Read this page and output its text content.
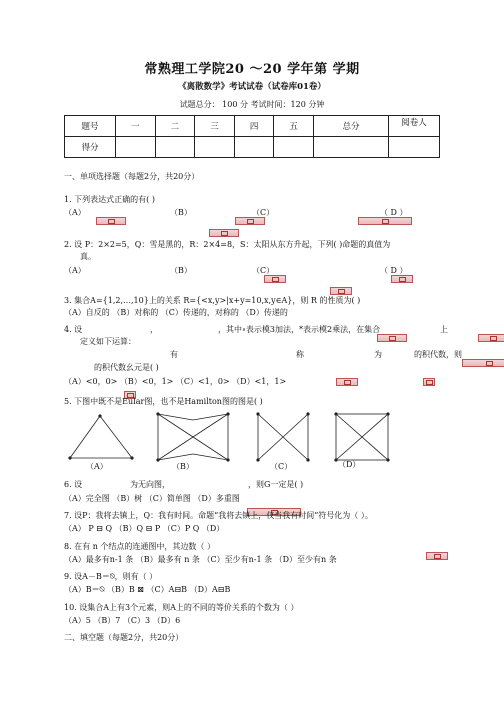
常熟理工学院20 ～20 学年第 学期
《离散数学》考试试卷（试卷库01卷）
试题总分： 100 分 考试时间：120 分钟
题号	一	二	三	四	五	总分	阅卷人
得分							
一、单项选择题（每题2分，共20分）
1. 下列表达式正确的有( )
（A）
	（B）
	（C）
	（ D ）

2. 设 P：2×2=5，Q：雪是黑的，R：2×4=8，S：太阳从东方升起，下列( )命题的真值为
真。
（A）
	（B）
	（C）
	（ D ）

3. 集合A={1,2,…,10}上的关系 R={<x,y>|x+y=10,x,y∈A}，则 R 的性质为( )
（A）自反的 （B）对称的 （C）传递的，对称的 （D）传递的
4. 设
	，
	，其中∘表示模3加法，*表示模2乘法，在集合
	上
定义如下运算：

有
	称
	为
	的积代数，则

的积代数幺元是( )
（A）<0，0> （B）<0，1> （C）<1，0> （D）<1，1>
5. 下图中既不是Eular图，也不是Hamilton图的图是( )
（A）	（B）	（C）	（D）
6. 设	为无向图，
	，则G一定是( )
（A）完全图 （B）树 （C）简单图 （D）多重图
7. 设P：我将去镇上，Q：我有时间。命题“我将去镇上，仅当我有时间”符号化为（ ）。
（A） P ⊟ Q （B）Q ⊟ P （C）P Q （D）
8. 在有 n 个结点的连通图中，其边数（ ）
（A）最多有n-1 条 （B）最多有 n 条 （C）至少有n-1 条 （D）至少有n 条
9. 设A－B＝⍉，则有（ ）
（A）B＝⍉ （B）B ⊠ （C）A⊟B （D）A⊟B
10. 设集合A上有3个元素，则A上的不同的等价关系的个数为（ ）
（A）5 （B）7 （C）3 （D）6
二、填空题（每题2分，共20分）
